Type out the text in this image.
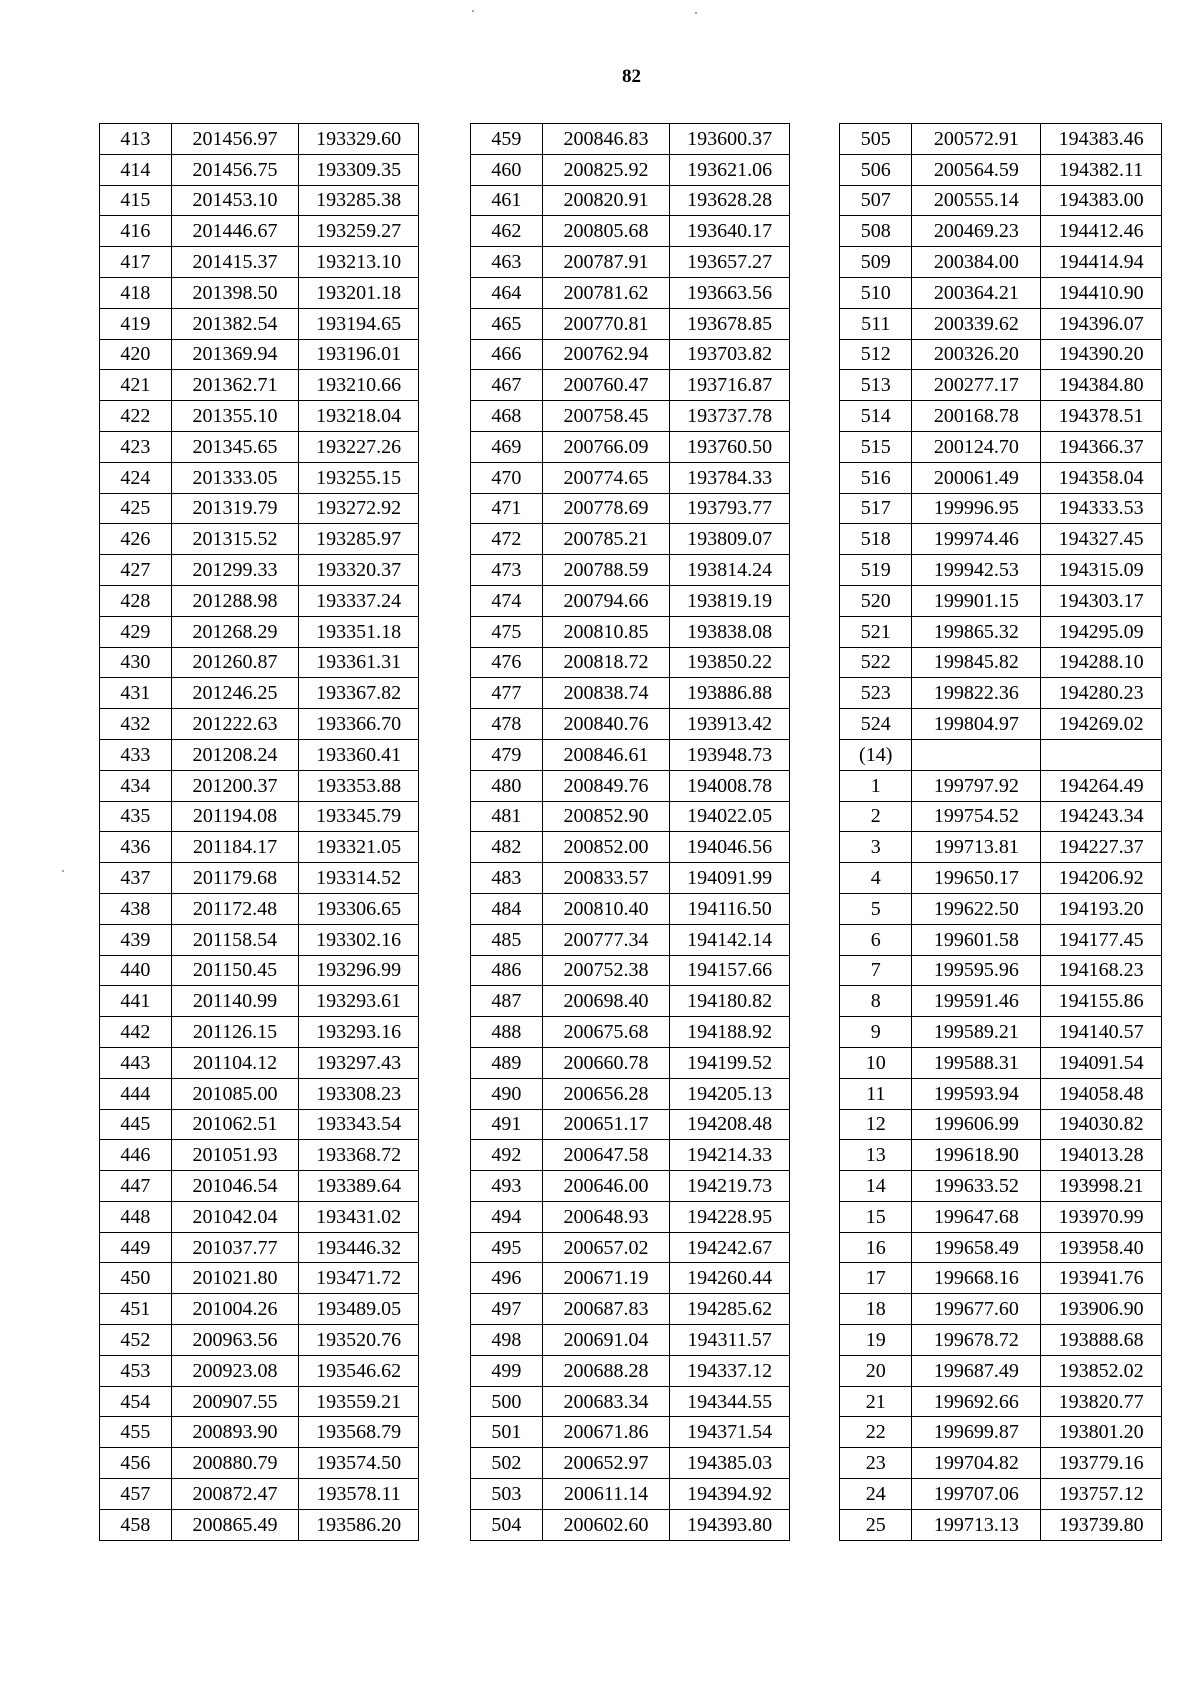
82
413	201456.97	193329.60
414	201456.75	193309.35
415	201453.10	193285.38
416	201446.67	193259.27
417	201415.37	193213.10
418	201398.50	193201.18
419	201382.54	193194.65
420	201369.94	193196.01
421	201362.71	193210.66
422	201355.10	193218.04
423	201345.65	193227.26
424	201333.05	193255.15
425	201319.79	193272.92
426	201315.52	193285.97
427	201299.33	193320.37
428	201288.98	193337.24
429	201268.29	193351.18
430	201260.87	193361.31
431	201246.25	193367.82
432	201222.63	193366.70
433	201208.24	193360.41
434	201200.37	193353.88
435	201194.08	193345.79
436	201184.17	193321.05
437	201179.68	193314.52
438	201172.48	193306.65
439	201158.54	193302.16
440	201150.45	193296.99
441	201140.99	193293.61
442	201126.15	193293.16
443	201104.12	193297.43
444	201085.00	193308.23
445	201062.51	193343.54
446	201051.93	193368.72
447	201046.54	193389.64
448	201042.04	193431.02
449	201037.77	193446.32
450	201021.80	193471.72
451	201004.26	193489.05
452	200963.56	193520.76
453	200923.08	193546.62
454	200907.55	193559.21
455	200893.90	193568.79
456	200880.79	193574.50
457	200872.47	193578.11
458	200865.49	193586.20
459	200846.83	193600.37
460	200825.92	193621.06
461	200820.91	193628.28
462	200805.68	193640.17
463	200787.91	193657.27
464	200781.62	193663.56
465	200770.81	193678.85
466	200762.94	193703.82
467	200760.47	193716.87
468	200758.45	193737.78
469	200766.09	193760.50
470	200774.65	193784.33
471	200778.69	193793.77
472	200785.21	193809.07
473	200788.59	193814.24
474	200794.66	193819.19
475	200810.85	193838.08
476	200818.72	193850.22
477	200838.74	193886.88
478	200840.76	193913.42
479	200846.61	193948.73
480	200849.76	194008.78
481	200852.90	194022.05
482	200852.00	194046.56
483	200833.57	194091.99
484	200810.40	194116.50
485	200777.34	194142.14
486	200752.38	194157.66
487	200698.40	194180.82
488	200675.68	194188.92
489	200660.78	194199.52
490	200656.28	194205.13
491	200651.17	194208.48
492	200647.58	194214.33
493	200646.00	194219.73
494	200648.93	194228.95
495	200657.02	194242.67
496	200671.19	194260.44
497	200687.83	194285.62
498	200691.04	194311.57
499	200688.28	194337.12
500	200683.34	194344.55
501	200671.86	194371.54
502	200652.97	194385.03
503	200611.14	194394.92
504	200602.60	194393.80
505	200572.91	194383.46
506	200564.59	194382.11
507	200555.14	194383.00
508	200469.23	194412.46
509	200384.00	194414.94
510	200364.21	194410.90
511	200339.62	194396.07
512	200326.20	194390.20
513	200277.17	194384.80
514	200168.78	194378.51
515	200124.70	194366.37
516	200061.49	194358.04
517	199996.95	194333.53
518	199974.46	194327.45
519	199942.53	194315.09
520	199901.15	194303.17
521	199865.32	194295.09
522	199845.82	194288.10
523	199822.36	194280.23
524	199804.97	194269.02
(14)		
1	199797.92	194264.49
2	199754.52	194243.34
3	199713.81	194227.37
4	199650.17	194206.92
5	199622.50	194193.20
6	199601.58	194177.45
7	199595.96	194168.23
8	199591.46	194155.86
9	199589.21	194140.57
10	199588.31	194091.54
11	199593.94	194058.48
12	199606.99	194030.82
13	199618.90	194013.28
14	199633.52	193998.21
15	199647.68	193970.99
16	199658.49	193958.40
17	199668.16	193941.76
18	199677.60	193906.90
19	199678.72	193888.68
20	199687.49	193852.02
21	199692.66	193820.77
22	199699.87	193801.20
23	199704.82	193779.16
24	199707.06	193757.12
25	199713.13	193739.80
